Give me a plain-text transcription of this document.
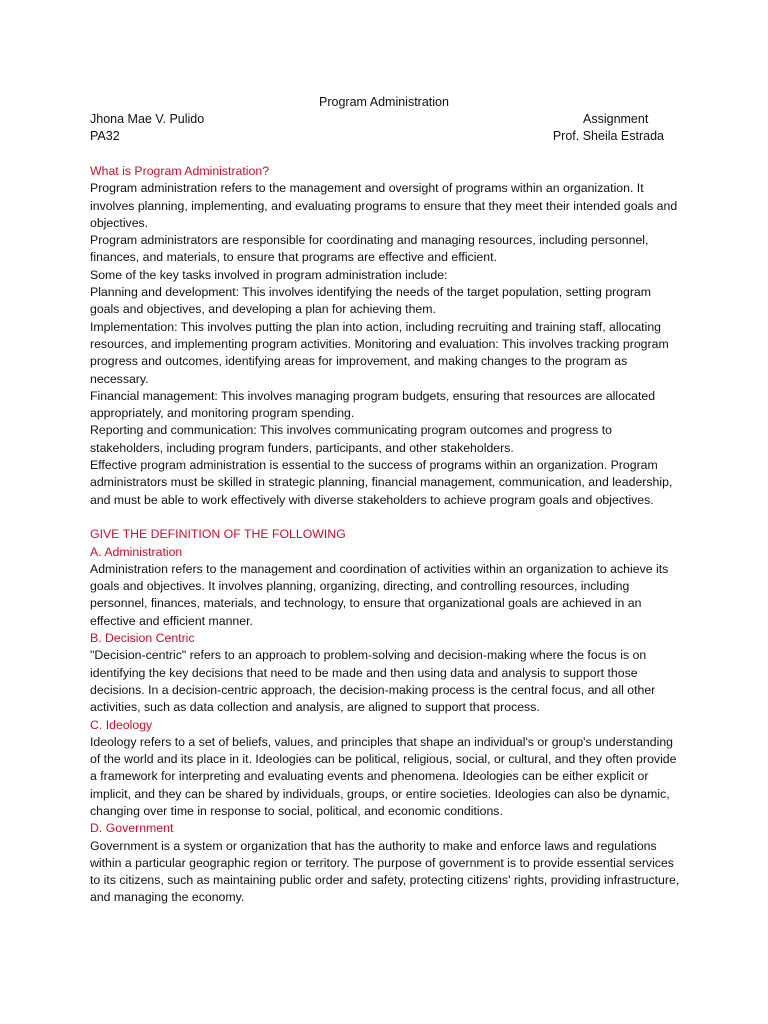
Program Administration
Jhona Mae V. Pulido
PA32
Assignment
Prof. Sheila Estrada

What is Program Administration?

Program administration refers to the management and oversight of programs within an organization. It involves planning, implementing, and evaluating programs to ensure that they meet their intended goals and objectives.

Program administrators are responsible for coordinating and managing resources, including personnel, finances, and materials, to ensure that programs are effective and efficient.

Some of the key tasks involved in program administration include:

Planning and development: This involves identifying the needs of the target population, setting program goals and objectives, and developing a plan for achieving them.

Implementation: This involves putting the plan into action, including recruiting and training staff, allocating resources, and implementing program activities. Monitoring and evaluation: This involves tracking program progress and outcomes, identifying areas for improvement, and making changes to the program as necessary.

Financial management: This involves managing program budgets, ensuring that resources are allocated appropriately, and monitoring program spending.

Reporting and communication: This involves communicating program outcomes and progress to stakeholders, including program funders, participants, and other stakeholders.

Effective program administration is essential to the success of programs within an organization. Program administrators must be skilled in strategic planning, financial management, communication, and leadership, and must be able to work effectively with diverse stakeholders to achieve program goals and objectives.

GIVE THE DEFINITION OF THE FOLLOWING

A. Administration

Administration refers to the management and coordination of activities within an organization to achieve its goals and objectives. It involves planning, organizing, directing, and controlling resources, including personnel, finances, materials, and technology, to ensure that organizational goals are achieved in an effective and efficient manner.

B. Decision Centric

"Decision-centric" refers to an approach to problem-solving and decision-making where the focus is on identifying the key decisions that need to be made and then using data and analysis to support those decisions. In a decision-centric approach, the decision-making process is the central focus, and all other activities, such as data collection and analysis, are aligned to support that process.

C. Ideology

Ideology refers to a set of beliefs, values, and principles that shape an individual's or group's understanding of the world and its place in it. Ideologies can be political, religious, social, or cultural, and they often provide a framework for interpreting and evaluating events and phenomena. Ideologies can be either explicit or implicit, and they can be shared by individuals, groups, or entire societies. Ideologies can also be dynamic, changing over time in response to social, political, and economic conditions.

D. Government

Government is a system or organization that has the authority to make and enforce laws and regulations within a particular geographic region or territory. The purpose of government is to provide essential services to its citizens, such as maintaining public order and safety, protecting citizens' rights, providing infrastructure, and managing the economy.
